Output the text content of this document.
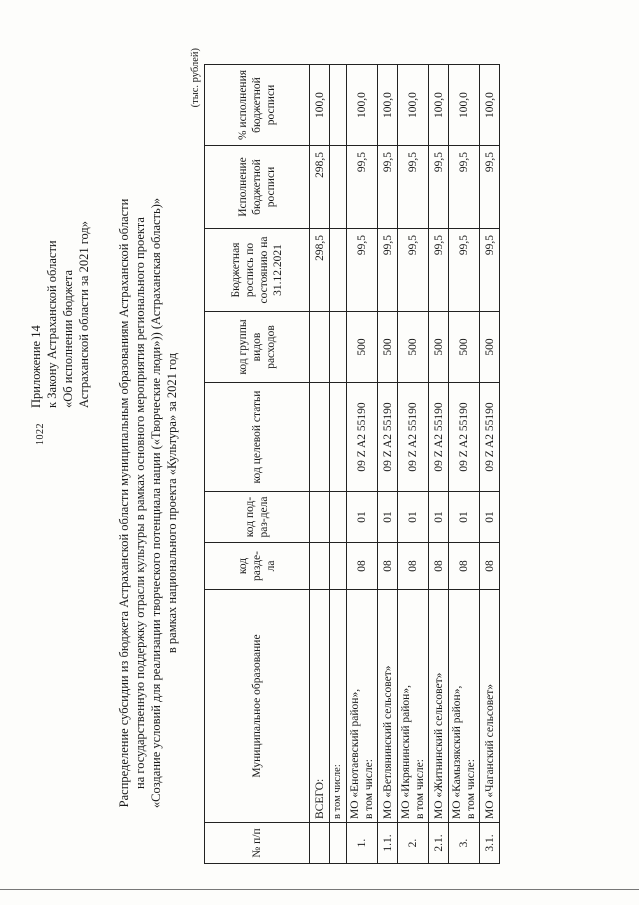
1022
Приложение 14 к Закону Астраханской области «Об исполнении бюджета Астраханской области за 2021 год» Распределение субсидии из бюджета Астраханской области муниципальным образованиям Астраханской области на государственную поддержку отрасли культуры в рамках основного мероприятия регионального проекта «Создание условий для реализации творческого потенциала нации («Творческие люди»)) (Астраханская область)» в рамках национального проекта «Культура» за 2021 год
(тыс. рублей)
№ п/п	Муниципальное образование	код разде-ла	код под-раз-дела	код целевой статьи	код группы видов расходов	Бюджетная роспись по состоянию на 31.12.2021	Исполнение бюджетной росписи	% исполнения бюджетной росписи
	ВСЕГО:					298,5	298,5	100,0
	в том числе:							
1.	МО «Енотаевский район», в том числе:	08	01	09 Z A2 55190	500	99,5	99,5	100,0
1.1.	МО «Ветлянинский сельсовет»	08	01	09 Z A2 55190	500	99,5	99,5	100,0
2.	МО «Икрянинский район», в том числе:	08	01	09 Z A2 55190	500	99,5	99,5	100,0
2.1.	МО «Житнинский сельсовет»	08	01	09 Z A2 55190	500	99,5	99,5	100,0
3.	МО «Камызякский район», в том числе:	08	01	09 Z A2 55190	500	99,5	99,5	100,0
3.1.	МО «Чаганский сельсовет»	08	01	09 Z A2 55190	500	99,5	99,5	100,0
